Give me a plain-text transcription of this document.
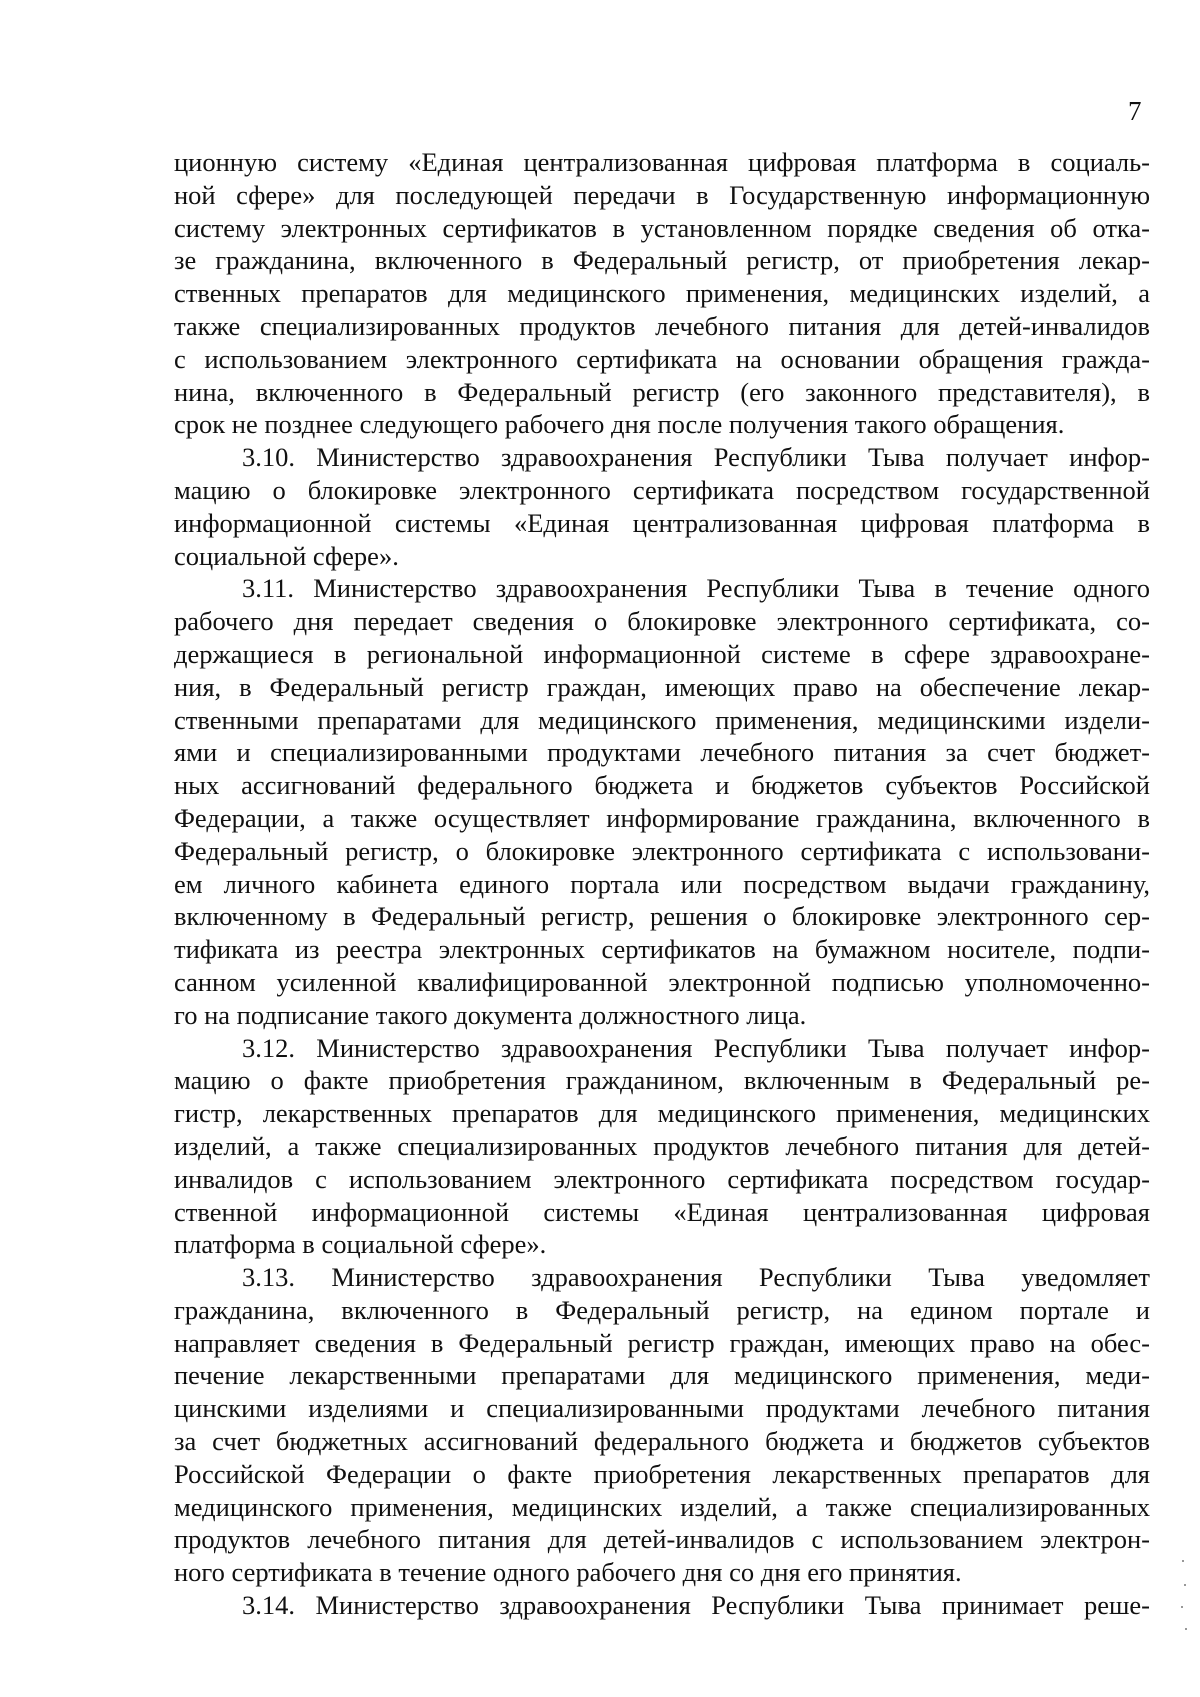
7
ционную систему «Единая централизованная цифровая платформа в социаль-
ной сфере» для последующей передачи в Государственную информационную
систему электронных сертификатов в установленном порядке сведения об отка-
зе гражданина, включенного в Федеральный регистр, от приобретения лекар-
ственных препаратов для медицинского применения, медицинских изделий, а
также специализированных продуктов лечебного питания для детей-инвалидов
с использованием электронного сертификата на основании обращения гражда-
нина, включенного в Федеральный регистр (его законного представителя), в
срок не позднее следующего рабочего дня после получения такого обращения.
3.10. Министерство здравоохранения Республики Тыва получает инфор-
мацию о блокировке электронного сертификата посредством государственной
информационной системы «Единая централизованная цифровая платформа в
социальной сфере».
3.11. Министерство здравоохранения Республики Тыва в течение одного
рабочего дня передает сведения о блокировке электронного сертификата, со-
держащиеся в региональной информационной системе в сфере здравоохране-
ния, в Федеральный регистр граждан, имеющих право на обеспечение лекар-
ственными препаратами для медицинского применения, медицинскими издели-
ями и специализированными продуктами лечебного питания за счет бюджет-
ных ассигнований федерального бюджета и бюджетов субъектов Российской
Федерации, а также осуществляет информирование гражданина, включенного в
Федеральный регистр, о блокировке электронного сертификата с использовани-
ем личного кабинета единого портала или посредством выдачи гражданину,
включенному в Федеральный регистр, решения о блокировке электронного сер-
тификата из реестра электронных сертификатов на бумажном носителе, подпи-
санном усиленной квалифицированной электронной подписью уполномоченно-
го на подписание такого документа должностного лица.
3.12. Министерство здравоохранения Республики Тыва получает инфор-
мацию о факте приобретения гражданином, включенным в Федеральный ре-
гистр, лекарственных препаратов для медицинского применения, медицинских
изделий, а также специализированных продуктов лечебного питания для детей-
инвалидов с использованием электронного сертификата посредством государ-
ственной информационной системы «Единая централизованная цифровая
платформа в социальной сфере».
3.13. Министерство здравоохранения Республики Тыва уведомляет
гражданина, включенного в Федеральный регистр, на едином портале и
направляет сведения в Федеральный регистр граждан, имеющих право на обес-
печение лекарственными препаратами для медицинского применения, меди-
цинскими изделиями и специализированными продуктами лечебного питания
за счет бюджетных ассигнований федерального бюджета и бюджетов субъектов
Российской Федерации о факте приобретения лекарственных препаратов для
медицинского применения, медицинских изделий, а также специализированных
продуктов лечебного питания для детей-инвалидов с использованием электрон-
ного сертификата в течение одного рабочего дня со дня его принятия.
3.14. Министерство здравоохранения Республики Тыва принимает реше-
